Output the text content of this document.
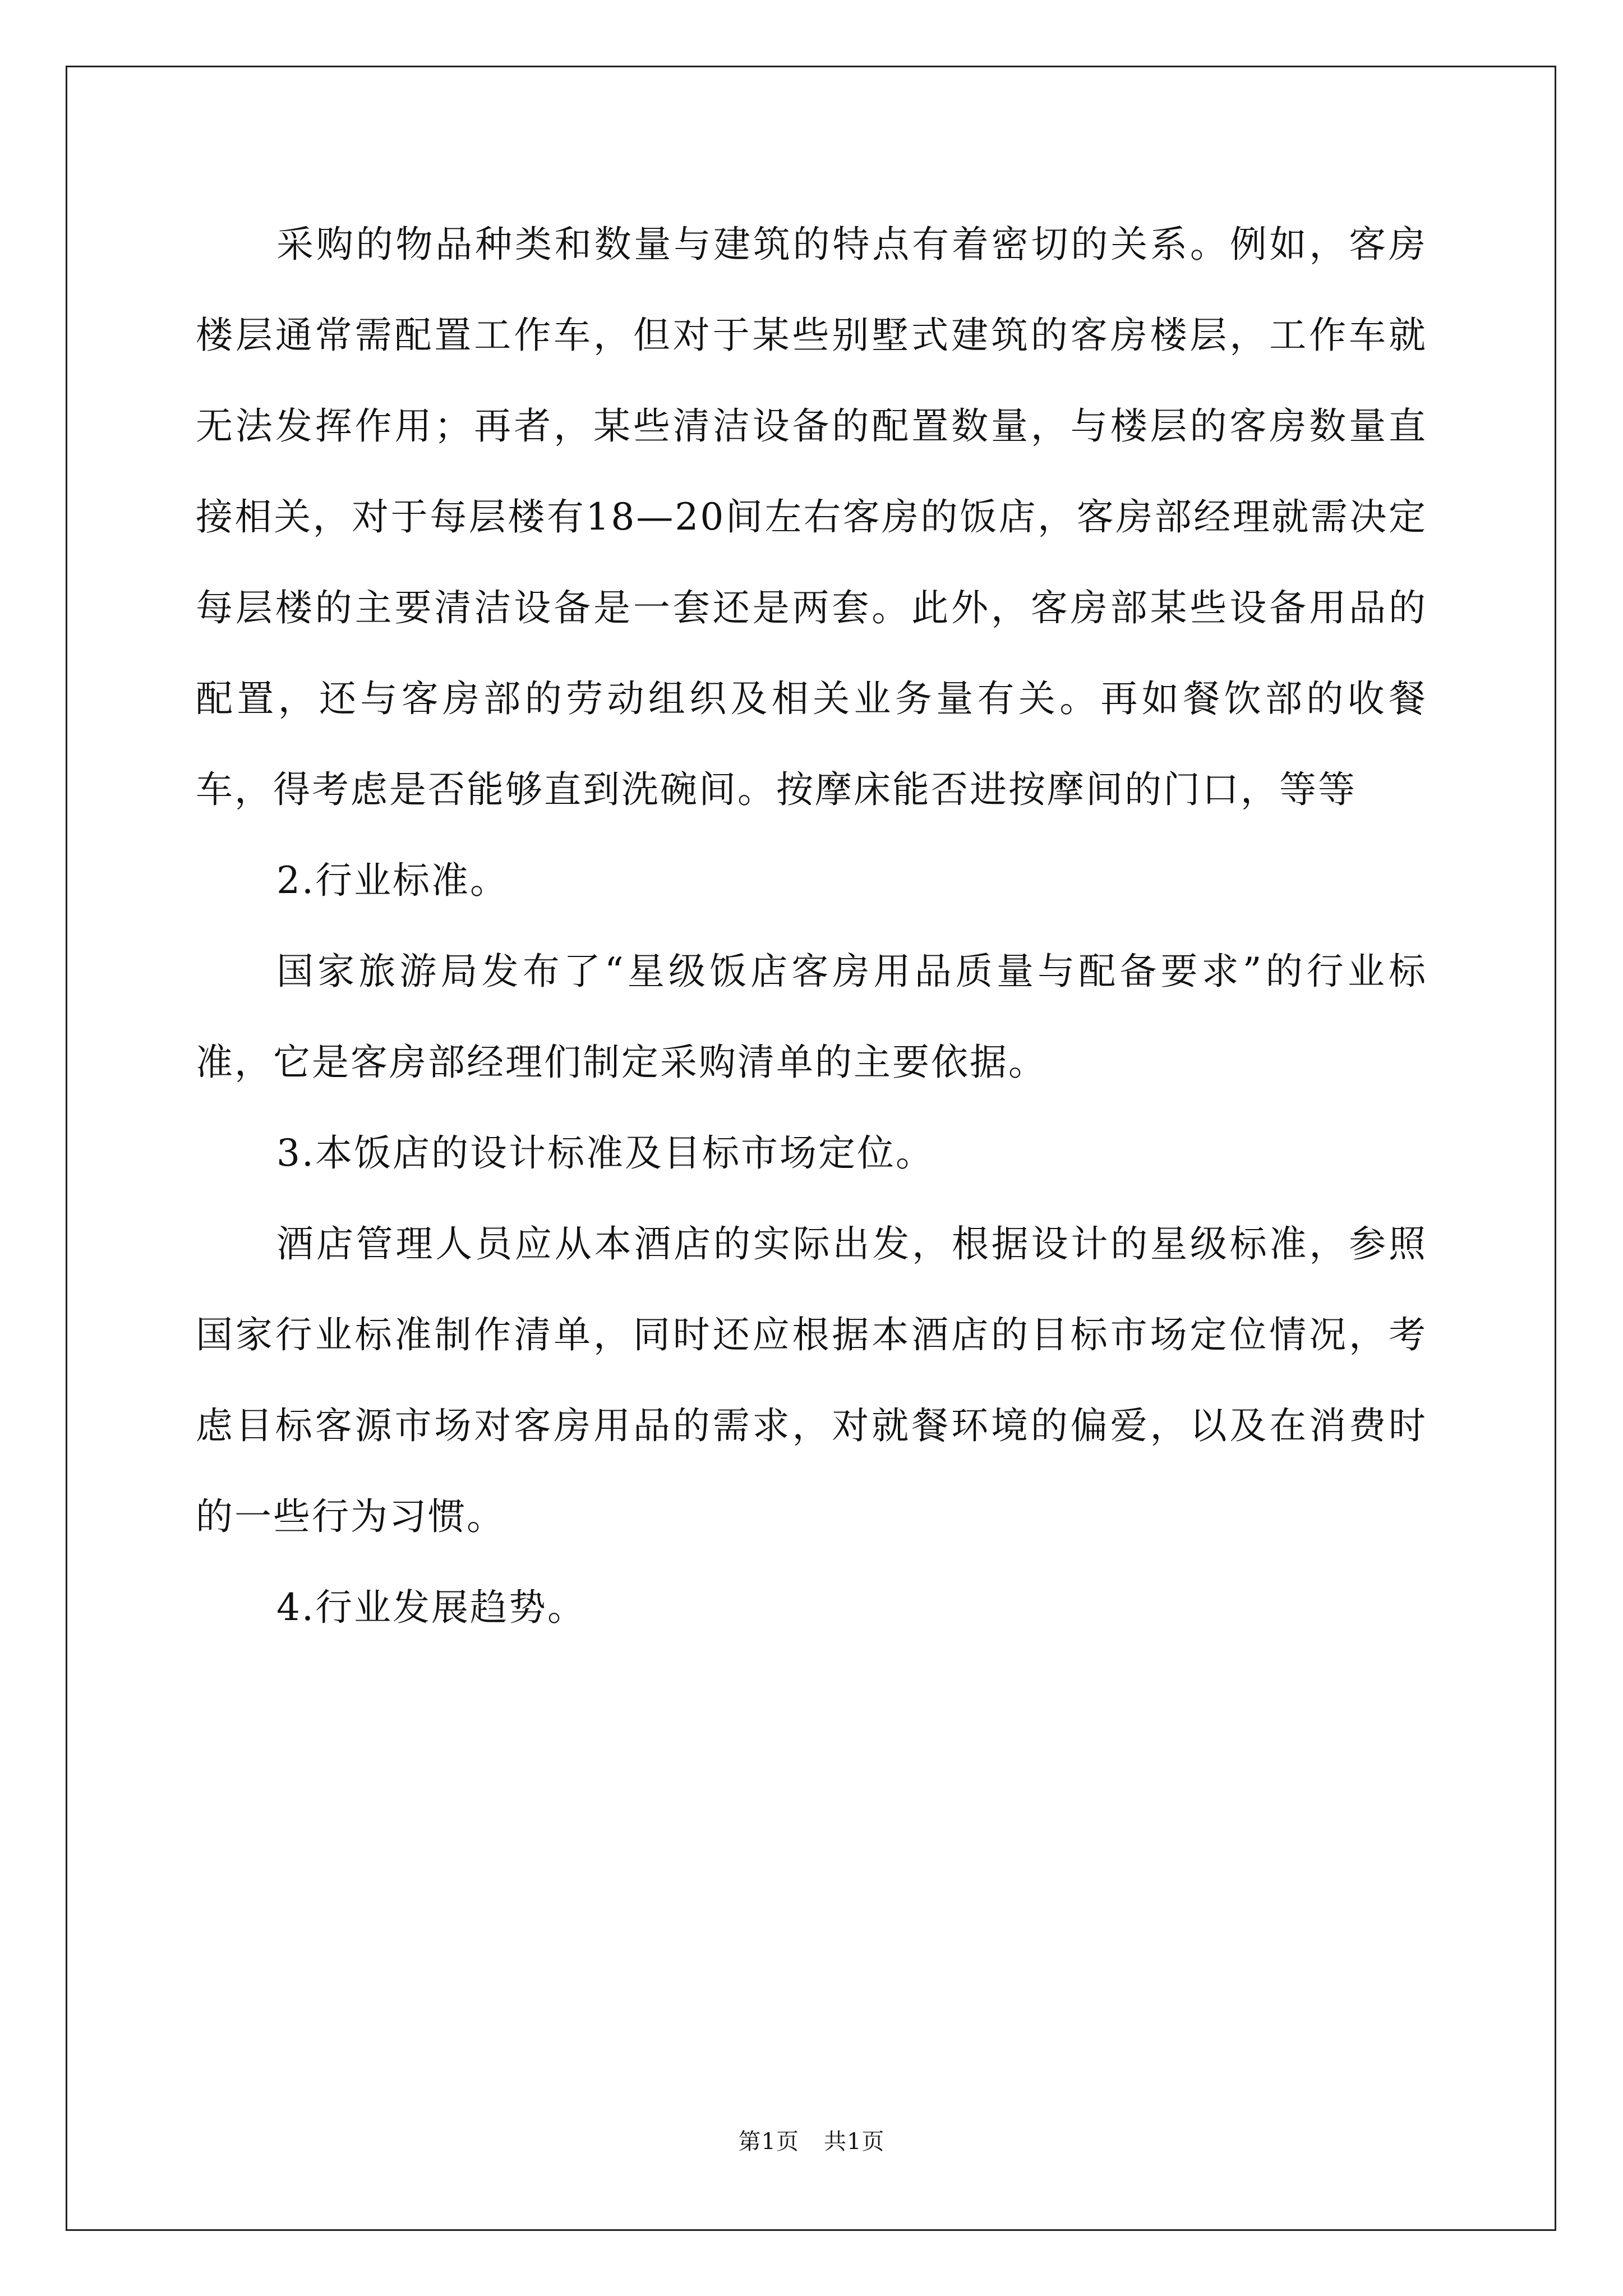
采购的物品种类和数量与建筑的特点有着密切的关系。例如，客房楼层通常需配置工作车，但对于某些别墅式建筑的客房楼层，工作车就无法发挥作用；再者，某些清洁设备的配置数量，与楼层的客房数量直接相关，对于每层楼有18—20间左右客房的饭店，客房部经理就需决定每层楼的主要清洁设备是一套还是两套。此外，客房部某些设备用品的配置，还与客房部的劳动组织及相关业务量有关。再如餐饮部的收餐车，得考虑是否能够直到洗碗间。按摩床能否进按摩间的门口，等等

2.行业标准。

国家旅游局发布了“星级饭店客房用品质量与配备要求”的行业标准，它是客房部经理们制定采购清单的主要依据。

3.本饭店的设计标准及目标市场定位。

酒店管理人员应从本酒店的实际出发，根据设计的星级标准，参照国家行业标准制作清单，同时还应根据本酒店的目标市场定位情况，考虑目标客源市场对客房用品的需求，对就餐环境的偏爱，以及在消费时的一些行为习惯。

4.行业发展趋势。

第1页 共1页
